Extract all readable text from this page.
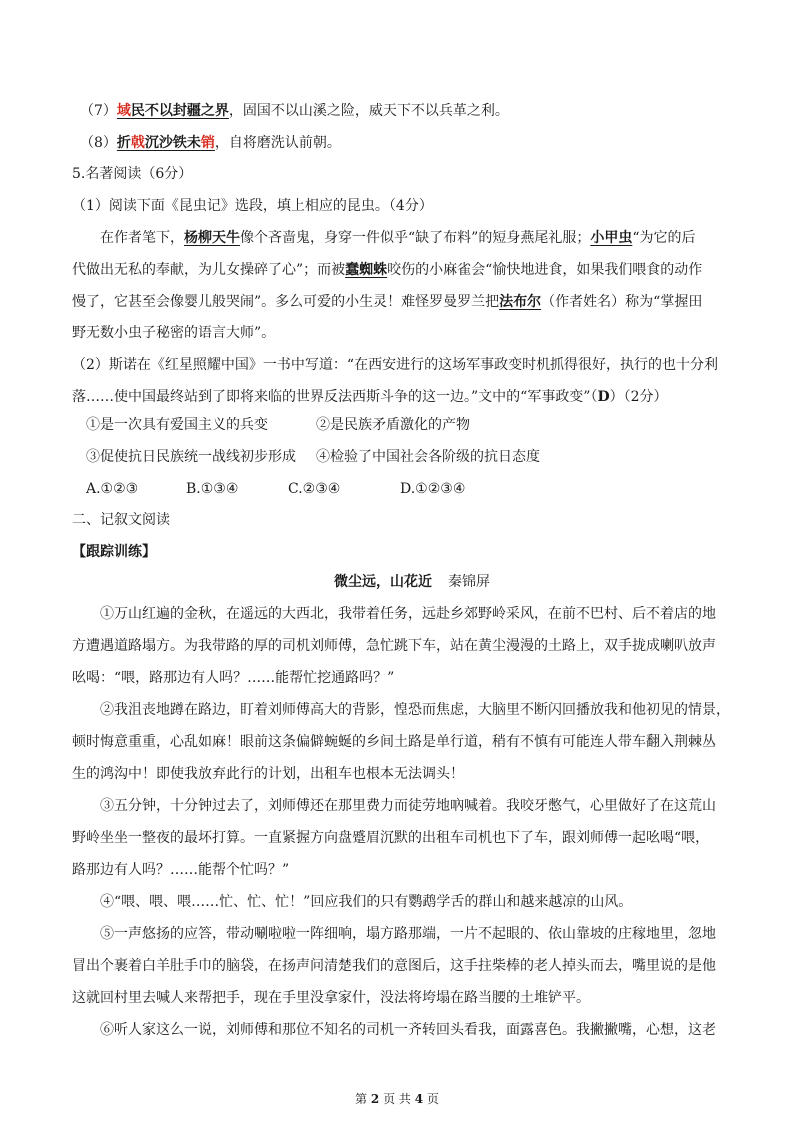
（7）域民不以封疆之界，固国不以山溪之险，威天下不以兵革之利。
（8）折戟沉沙铁未销，自将磨洗认前朝。
5.名著阅读（6分）
（1）阅读下面《昆虫记》选段，填上相应的昆虫。（4分）
在作者笔下，杨柳天牛像个吝啬鬼，身穿一件似乎“缺了布料”的短身燕尾礼服；小甲虫“为它的后
代做出无私的奉献，为儿女操碎了心”；而被蠢蜘蛛咬伤的小麻雀会“愉快地进食，如果我们喂食的动作
慢了，它甚至会像婴儿般哭闹”。多么可爱的小生灵！难怪罗曼罗兰把法布尔（作者姓名）称为“掌握田
野无数小虫子秘密的语言大师”。
（2）斯诺在《红星照耀中国》一书中写道：“在西安进行的这场军事政变时机抓得很好，执行的也十分利
落……使中国最终站到了即将来临的世界反法西斯斗争的这一边。”文中的“军事政变”（D）（2分）
①是一次具有爱国主义的兵变	②是民族矛盾激化的产物
③促使抗日民族统一战线初步形成 ④检验了中国社会各阶级的抗日态度
A.①②③	B.①③④	C.②③④	D.①②③④
二、记叙文阅读
【跟踪训练】
微尘远，山花近 秦锦屏
①万山红遍的金秋，在遥远的大西北，我带着任务，远赴乡郊野岭采风，在前不巴村、后不着店的地
方遭遇道路塌方。为我带路的厚的司机刘师傅，急忙跳下车，站在黄尘漫漫的土路上，双手拢成喇叭放声
吆喝：“喂，路那边有人吗？……能帮忙挖通路吗？”
②我沮丧地蹲在路边，盯着刘师傅高大的背影，惶恐而焦虑，大脑里不断闪回播放我和他初见的情景，
顿时悔意重重，心乱如麻！眼前这条偏僻蜿蜒的乡间土路是单行道，稍有不慎有可能连人带车翻入荆棘丛
生的鸿沟中！即使我放弃此行的计划，出租车也根本无法调头！
③五分钟，十分钟过去了，刘师傅还在那里费力而徒劳地吶喊着。我咬牙憋气，心里做好了在这荒山
野岭坐坐一整夜的最坏打算。一直紧握方向盘蹙眉沉默的出租车司机也下了车，跟刘师傅一起吆喝“喂，
路那边有人吗？……能帮个忙吗？”
④“喂、喂、喂……忙、忙、忙！”回应我们的只有鹦鹉学舌的群山和越来越凉的山风。
⑤一声悠扬的应答，带动唰啦啦一阵细响，塌方路那端，一片不起眼的、依山靠坡的庄稼地里，忽地
冒出个裹着白羊肚手巾的脑袋，在扬声问清楚我们的意图后，这手拄柴棒的老人掉头而去，嘴里说的是他
这就回村里去喊人来帮把手，现在手里没拿家什，没法将垮塌在路当腰的土堆铲平。
⑥听人家这么一说，刘师傅和那位不知名的司机一齐转回头看我，面露喜色。我撇撇嘴，心想，这老
第 2 页 共 4 页
